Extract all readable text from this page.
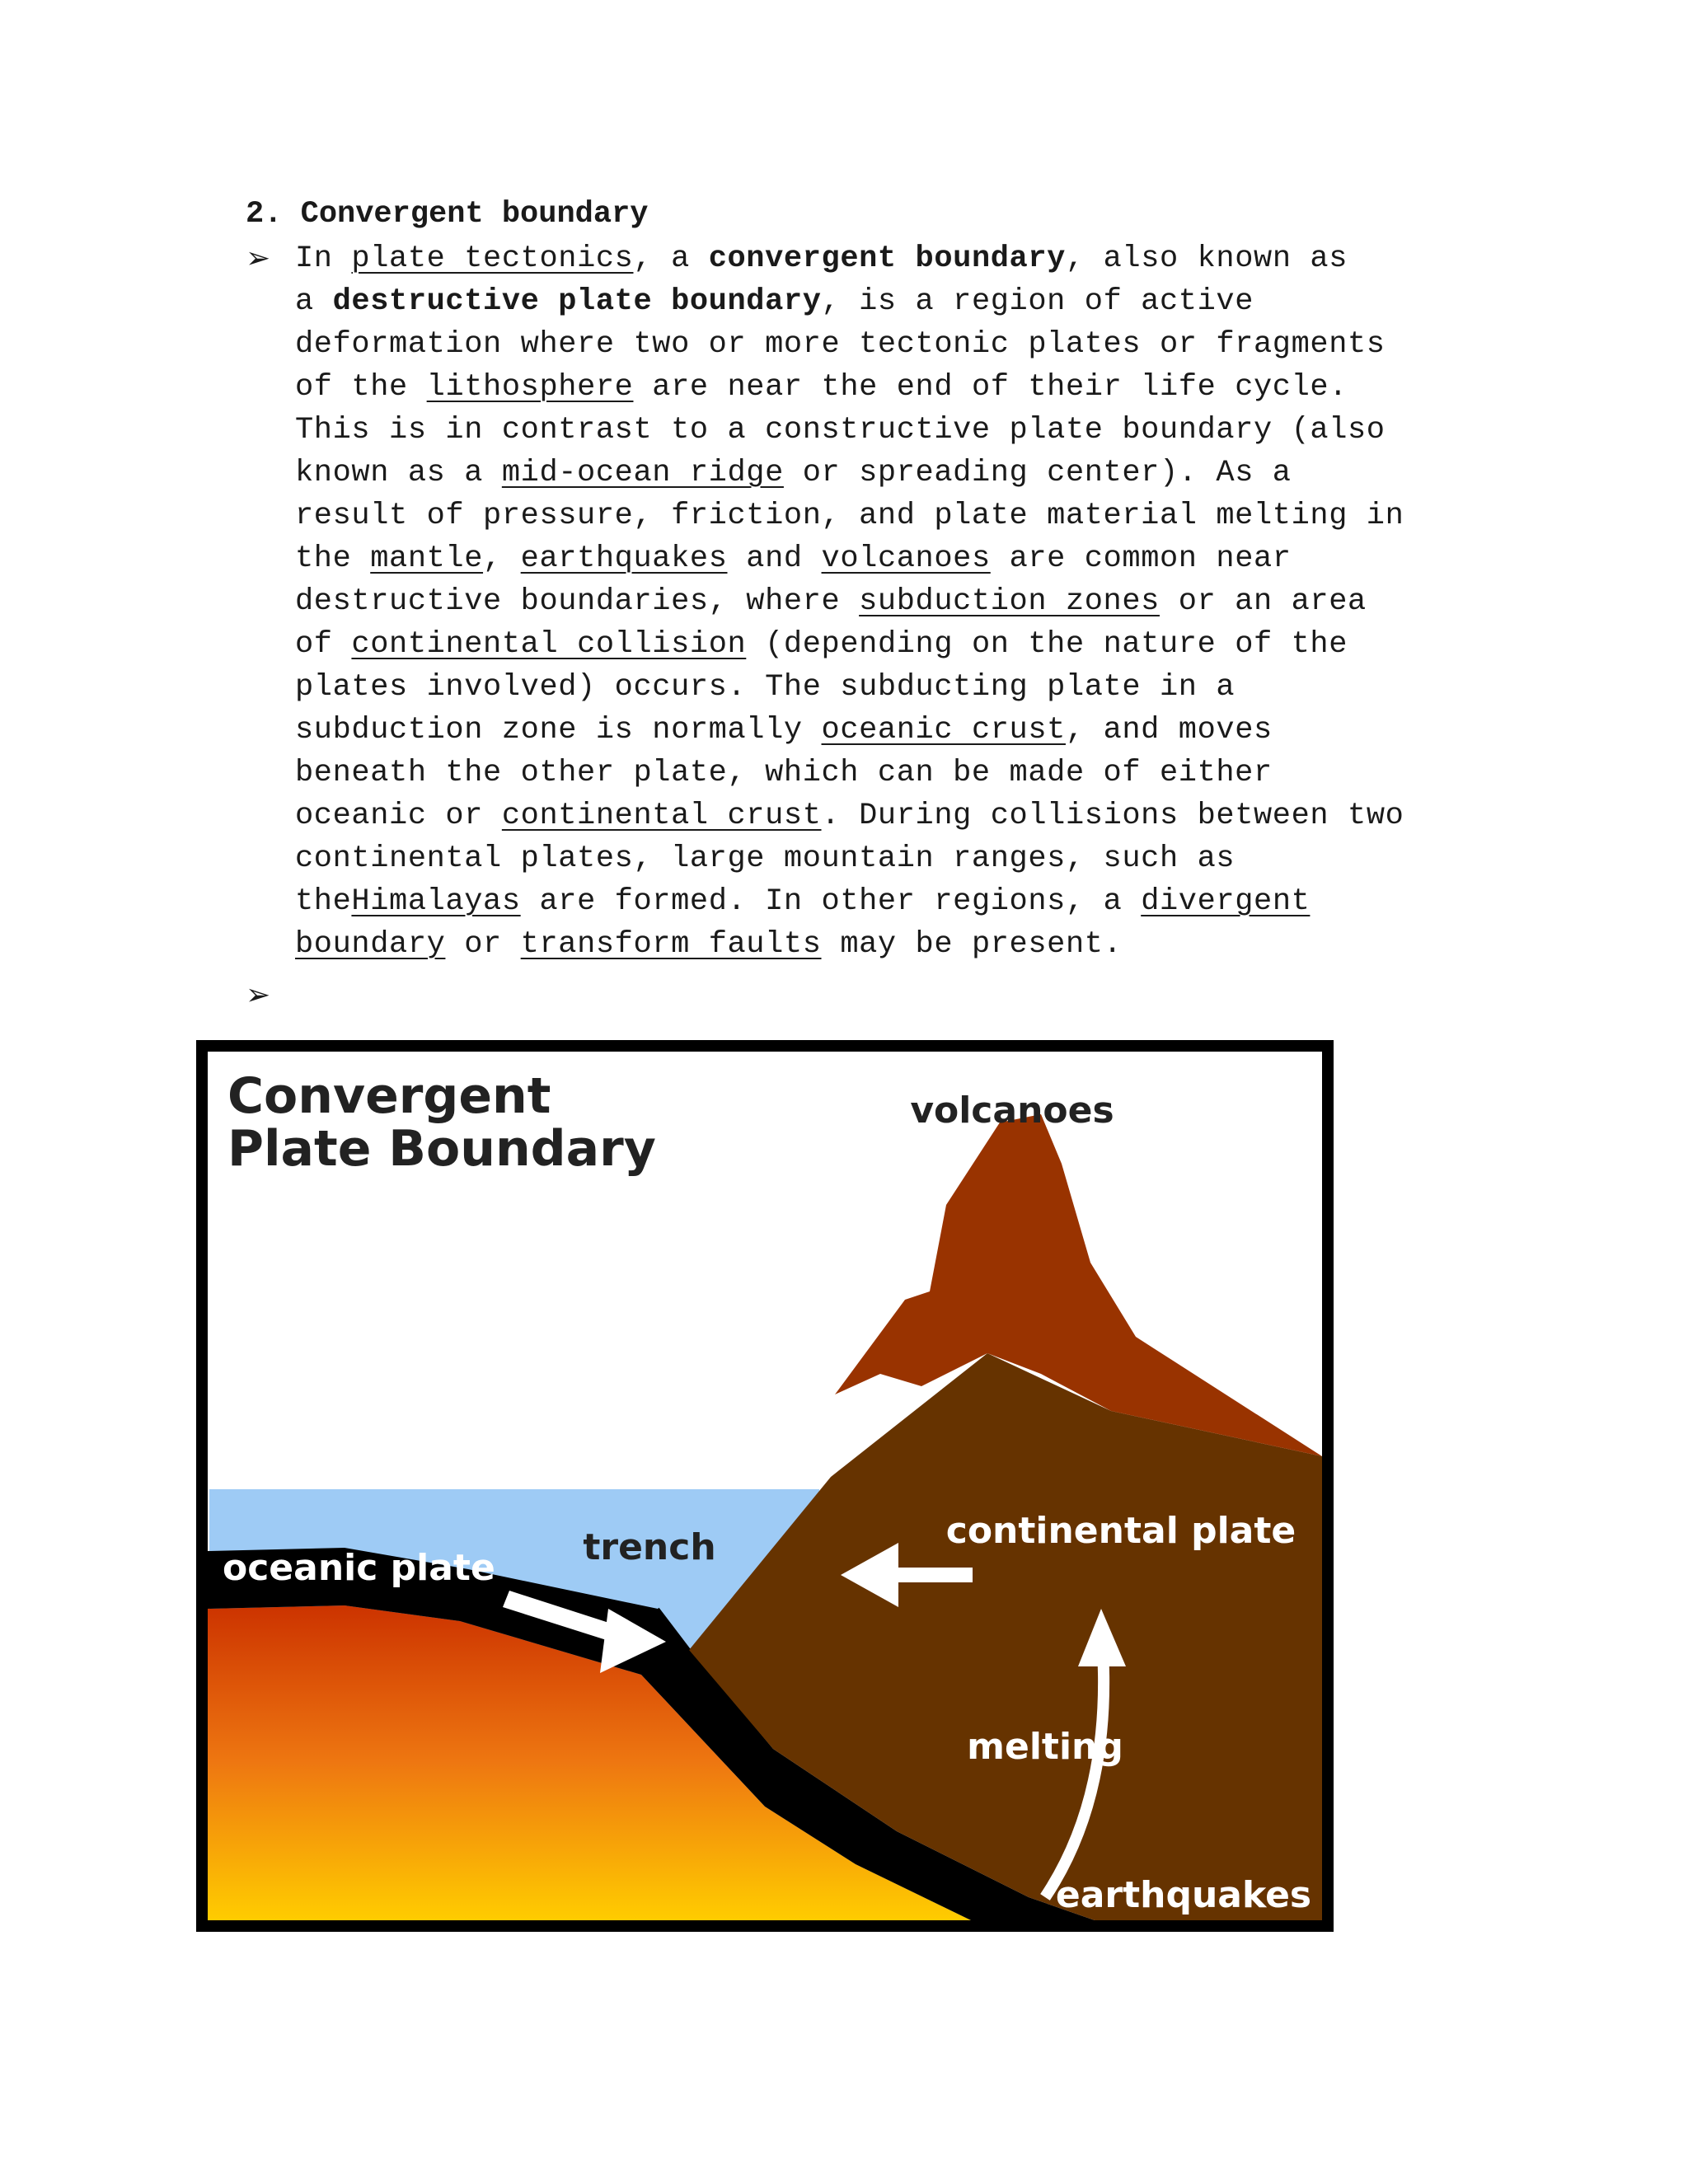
2. Convergent boundary
➢ In plate tectonics, a convergent boundary, also known as
a destructive plate boundary, is a region of active
deformation where two or more tectonic plates or fragments
of the lithosphere are near the end of their life cycle.
This is in contrast to a constructive plate boundary (also
known as a mid-ocean ridge or spreading center). As a
result of pressure, friction, and plate material melting in
the mantle, earthquakes and volcanoes are common near
destructive boundaries, where subduction zones or an area
of continental collision (depending on the nature of the
plates involved) occurs. The subducting plate in a
subduction zone is normally oceanic crust, and moves
beneath the other plate, which can be made of either
oceanic or continental crust. During collisions between two
continental plates, large mountain ranges, such as
theHimalayas are formed. In other regions, a divergent
boundary or transform faults may be present.
➢
Convergent
Plate Boundary
volcanoes
continental plate
oceanic plate trench
melting
earthquakes
